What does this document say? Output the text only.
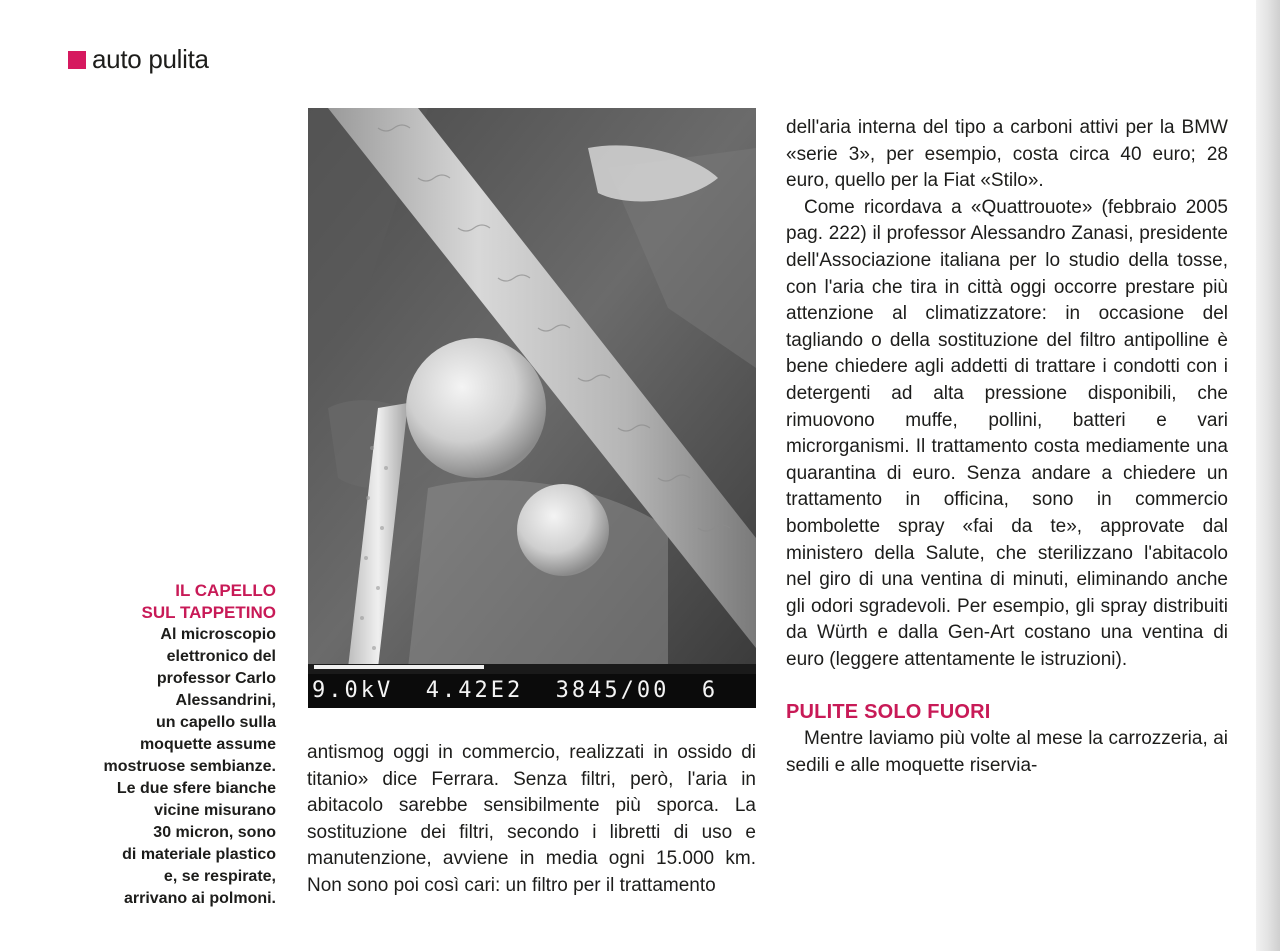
auto pulita
IL CAPELLO
SUL TAPPETINO
Al microscopio
elettronico del
professor Carlo
Alessandrini,
un capello sulla
moquette assume
mostruose sembianze.
Le due sfere bianche
vicine misurano
30 micron, sono
di materiale plastico
e, se respirate,
arrivano ai polmoni.
9.0kV  4.42E2  3845/00  6

antismog oggi in commercio, realizzati in ossido di titanio» dice Ferrara. Senza filtri, però, l'aria in abitacolo sarebbe sensibilmente più sporca. La sostituzione dei filtri, secondo i libretti di uso e manutenzione, avviene in media ogni 15.000 km. Non sono poi così cari: un filtro per il trattamento

dell'aria interna del tipo a carboni attivi per la BMW «serie 3», per esempio, costa circa 40 euro; 28 euro, quello per la Fiat «Stilo».

Come ricordava a «Quattrouote» (febbraio 2005 pag. 222) il professor Alessandro Zanasi, presidente dell'Associazione italiana per lo studio della tosse, con l'aria che tira in città oggi occorre prestare più attenzione al climatizzatore: in occasione del tagliando o della sostituzione del filtro antipolline è bene chiedere agli addetti di trattare i condotti con i detergenti ad alta pressione disponibili, che rimuovono muffe, pollini, batteri e vari microrganismi. Il trattamento costa mediamente una quarantina di euro. Senza andare a chiedere un trattamento in officina, sono in commercio bombolette spray «fai da te», approvate dal ministero della Salute, che sterilizzano l'abitacolo nel giro di una ventina di minuti, eliminando anche gli odori sgradevoli. Per esempio, gli spray distribuiti da Würth e dalla Gen-Art costano una ventina di euro (leggere attentamente le istruzioni).

PULITE SOLO FUORI

Mentre laviamo più volte al mese la carrozzeria, ai sedili e alle moquette riservia-
